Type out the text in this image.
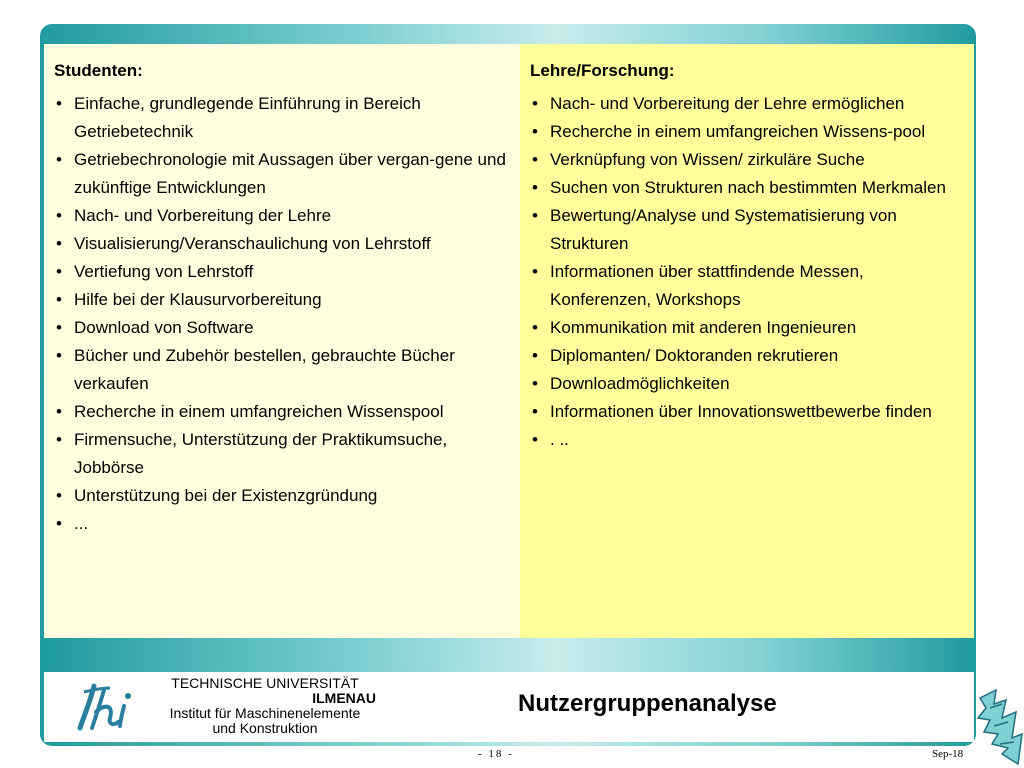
Studenten:
• Einfache, grundlegende Einführung in Bereich Getriebetechnik
• Getriebechronologie mit Aussagen über vergan-gene und zukünftige Entwicklungen
• Nach- und Vorbereitung der Lehre
• Visualisierung/Veranschaulichung von Lehrstoff
• Vertiefung von Lehrstoff
• Hilfe bei der Klausurvorbereitung
• Download von Software
• Bücher und Zubehör bestellen, gebrauchte Bücher verkaufen
• Recherche in einem umfangreichen Wissenspool
• Firmensuche, Unterstützung der Praktikumsuche, Jobbörse
• Unterstützung bei der Existenzgründung
• ...
Lehre/Forschung:
• Nach- und Vorbereitung der Lehre ermöglichen
• Recherche in einem umfangreichen Wissens-pool
• Verknüpfung von Wissen/ zirkuläre Suche
• Suchen von Strukturen nach bestimmten Merkmalen
• Bewertung/Analyse und Systematisierung von Strukturen
• Informationen über stattfindende Messen, Konferenzen, Workshops
• Kommunikation mit anderen Ingenieuren
• Diplomanten/ Doktoranden rekrutieren
• Downloadmöglichkeiten
• Informationen über Innovationswettbewerbe finden
• . ..
TECHNISCHE UNIVERSITÄT
ILMENAU
Institut für Maschinenelemente
und Konstruktion
Nutzergruppenanalyse
- 18 -	Sep-18
